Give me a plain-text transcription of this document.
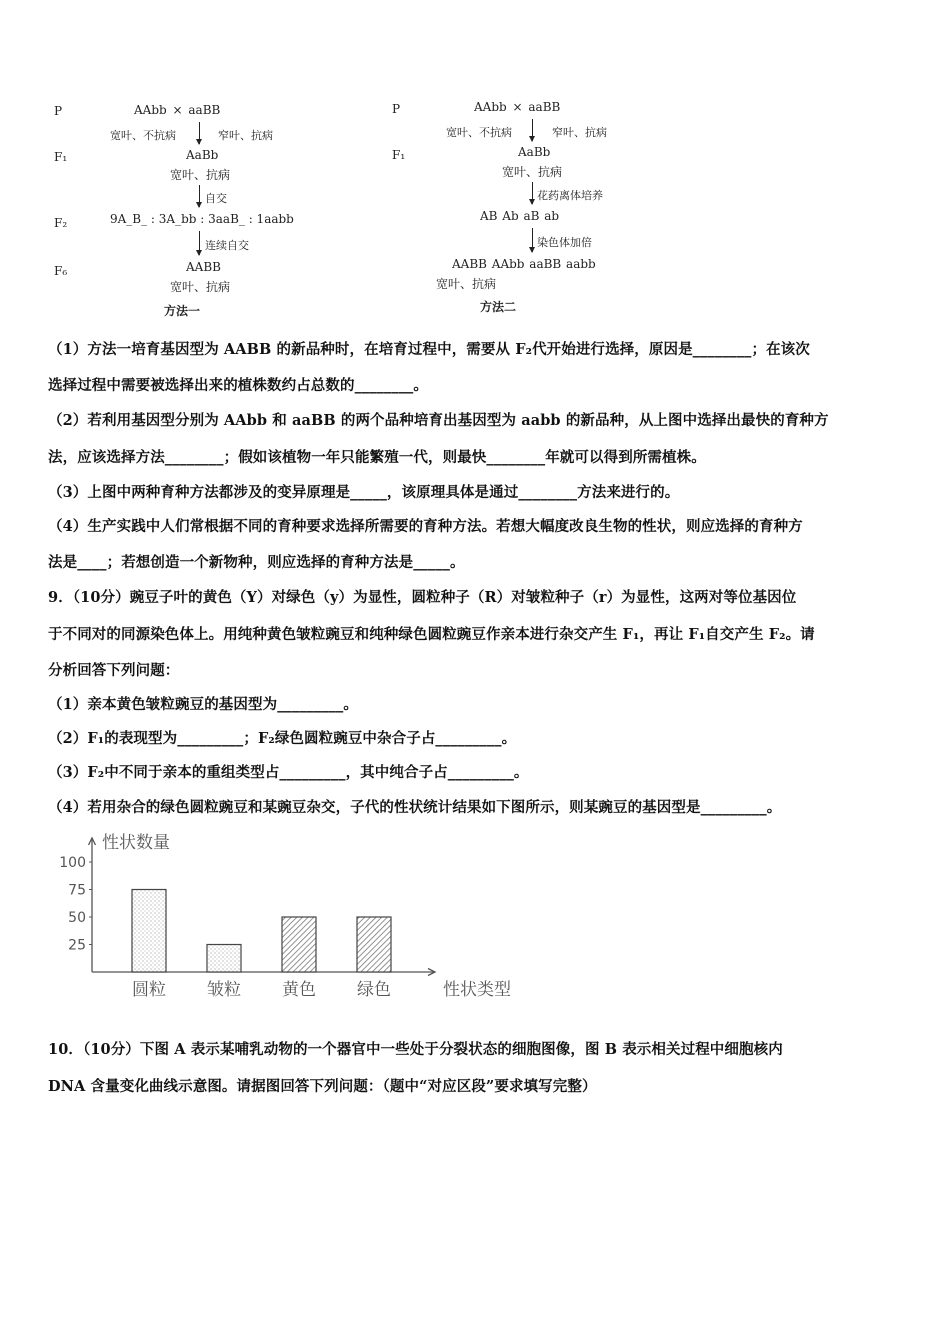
P	AAbb × aaBB
宽叶、不抗病	窄叶、抗病
F₁	AaBb
宽叶、抗病
自交
F₂	9A_B_ : 3A_bb : 3aaB_ : 1aabb
连续自交
F₆	AABB
宽叶、抗病
方法一
P	AAbb × aaBB
宽叶、不抗病	窄叶、抗病
F₁	AaBb
宽叶、抗病
花药离体培养
AB Ab aB ab
染色体加倍
AABB AAbb aaBB aabb
宽叶、抗病
方法二
（1）方法一培育基因型为 AABB 的新品种时，在培育过程中，需要从 F₂代开始进行选择，原因是________；在该次
选择过程中需要被选择出来的植株数约占总数的________。
（2）若利用基因型分别为 AAbb 和 aaBB 的两个品种培育出基因型为 aabb 的新品种，从上图中选择出最快的育种方
法，应该选择方法________；假如该植物一年只能繁殖一代，则最快________年就可以得到所需植株。
（3）上图中两种育种方法都涉及的变异原理是_____，该原理具体是通过________方法来进行的。
（4）生产实践中人们常根据不同的育种要求选择所需要的育种方法。若想大幅度改良生物的性状，则应选择的育种方
法是____；若想创造一个新物种，则应选择的育种方法是_____。
9．（10分）豌豆子叶的黄色（Y）对绿色（y）为显性，圆粒种子（R）对皱粒种子（r）为显性，这两对等位基因位
于不同对的同源染色体上。用纯种黄色皱粒豌豆和纯种绿色圆粒豌豆作亲本进行杂交产生 F₁，再让 F₁自交产生 F₂。请
分析回答下列问题：
（1）亲本黄色皱粒豌豆的基因型为_________。
（2）F₁的表现型为_________；F₂绿色圆粒豌豆中杂合子占_________。
（3）F₂中不同于亲本的重组类型占_________，其中纯合子占_________。
（4）若用杂合的绿色圆粒豌豆和某豌豆杂交，子代的性状统计结果如下图所示，则某豌豆的基因型是_________。
性状数量
性状类型
25
50
75
100
圆粒 皱粒 黄色 绿色
10．（10分）下图 A 表示某哺乳动物的一个器官中一些处于分裂状态的细胞图像，图 B 表示相关过程中细胞核内
DNA 含量变化曲线示意图。请据图回答下列问题：（题中“对应区段”要求填写完整）
